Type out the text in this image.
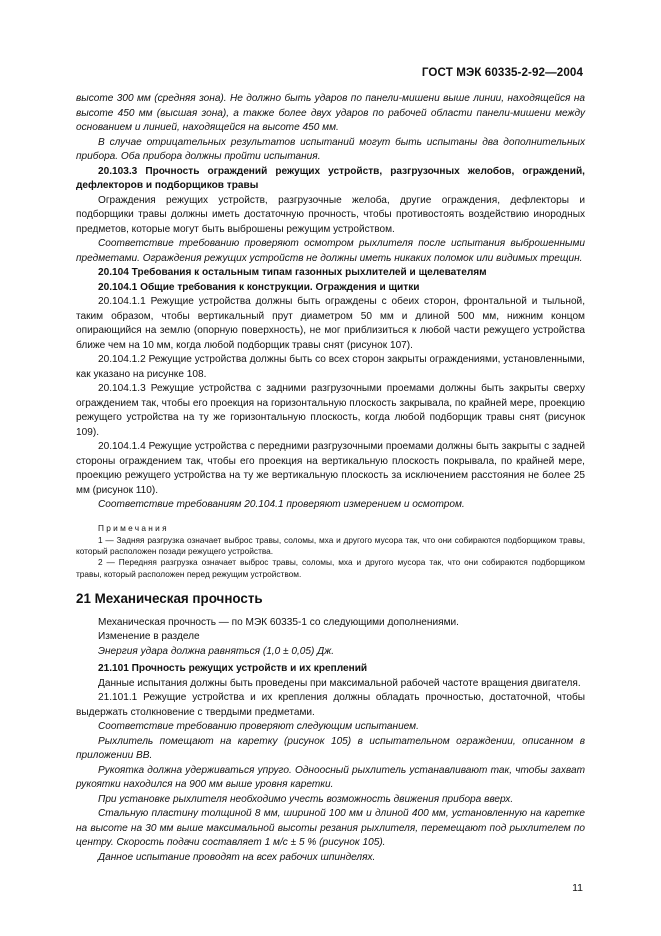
ГОСТ МЭК 60335-2-92—2004

высоте 300 мм (средняя зона). Не должно быть ударов по панели-мишени выше линии, находящейся на высоте 450 мм (высшая зона), а также более двух ударов по рабочей области панели-мишени между основанием и линией, находящейся на высоте 450 мм.

В случае отрицательных результатов испытаний могут быть испытаны два дополнительных прибора. Оба прибора должны пройти испытания.

20.103.3 Прочность ограждений режущих устройств, разгрузочных желобов, ограждений, дефлекторов и подборщиков травы

Ограждения режущих устройств, разгрузочные желоба, другие ограждения, дефлекторы и подборщики травы должны иметь достаточную прочность, чтобы противостоять воздействию инородных предметов, которые могут быть выброшены режущим устройством.

Соответствие требованию проверяют осмотром рыхлителя после испытания выброшенными предметами. Ограждения режущих устройств не должны иметь никаких поломок или видимых трещин.

20.104 Требования к остальным типам газонных рыхлителей и щелевателям

20.104.1 Общие требования к конструкции. Ограждения и щитки

20.104.1.1 Режущие устройства должны быть ограждены с обеих сторон, фронтальной и тыльной, таким образом, чтобы вертикальный прут диаметром 50 мм и длиной 500 мм, нижним концом опирающийся на землю (опорную поверхность), не мог приблизиться к любой части режущего устройства ближе чем на 10 мм, когда любой подборщик травы снят (рисунок 107).

20.104.1.2 Режущие устройства должны быть со всех сторон закрыты ограждениями, установленными, как указано на рисунке 108.

20.104.1.3 Режущие устройства с задними разгрузочными проемами должны быть закрыты сверху ограждением так, чтобы его проекция на горизонтальную плоскость закрывала, по крайней мере, проекцию режущего устройства на ту же горизонтальную плоскость, когда любой подборщик травы снят (рисунок 109).

20.104.1.4 Режущие устройства с передними разгрузочными проемами должны быть закрыты с задней стороны ограждением так, чтобы его проекция на вертикальную плоскость покрывала, по крайней мере, проекцию режущего устройства на ту же вертикальную плоскость за исключением расстояния не более 25 мм (рисунок 110).

Соответствие требованиям 20.104.1 проверяют измерением и осмотром.

Примечания

1 — Задняя разгрузка означает выброс травы, соломы, мха и другого мусора так, что они собираются подборщиком травы, который расположен позади режущего устройства.

2 — Передняя разгрузка означает выброс травы, соломы, мха и другого мусора так, что они собираются подборщиком травы, который расположен перед режущим устройством.

21 Механическая прочность

Механическая прочность — по МЭК 60335-1 со следующими дополнениями.

Изменение в разделе

Энергия удара должна равняться (1,0 ± 0,05) Дж.

21.101 Прочность режущих устройств и их креплений

Данные испытания должны быть проведены при максимальной рабочей частоте вращения двигателя.

21.101.1 Режущие устройства и их крепления должны обладать прочностью, достаточной, чтобы выдержать столкновение с твердыми предметами.

Соответствие требованию проверяют следующим испытанием.

Рыхлитель помещают на каретку (рисунок 105) в испытательном ограждении, описанном в приложении ВВ.

Рукоятка должна удерживаться упруго. Одноосный рыхлитель устанавливают так, чтобы захват рукоятки находился на 900 мм выше уровня каретки.

При установке рыхлителя необходимо учесть возможность движения прибора вверх.

Стальную пластину толщиной 8 мм, шириной 100 мм и длиной 400 мм, установленную на каретке на высоте на 30 мм выше максимальной высоты резания рыхлителя, перемещают под рыхлителем по центру. Скорость подачи составляет 1 м/с ± 5 % (рисунок 105).

Данное испытание проводят на всех рабочих шпинделях.

11
